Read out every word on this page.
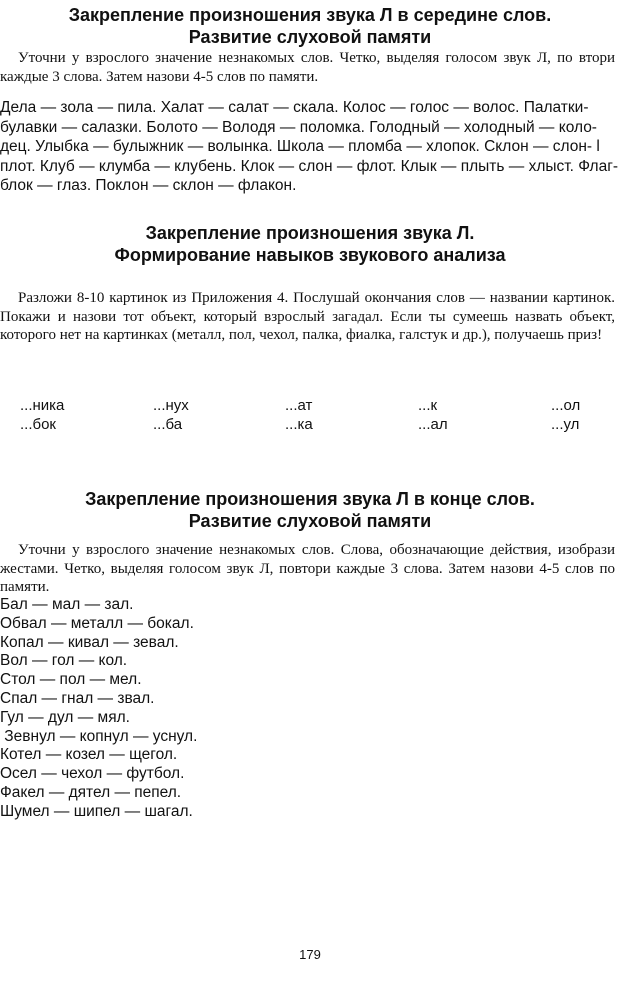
Закрепление произношения звука Л в середине слов.
Развитие слуховой памяти
Уточни у взрослого значение незнакомых слов. Четко, выделяя голосом звук Л, по втори каждые 3 слова. Затем назови 4-5 слов по памяти.
Дела — зола — пила. Халат — салат — скала. Колос — голос — волос. Палатки-
булавки — салазки. Болото — Володя — поломка. Голодный — холодный — коло-
дец. Улыбка — булыжник — волынка. Школа — пломба — хлопок. Склон — слон- l
плот. Клуб — клумба — клубень. Клок — слон — флот. Клык — плыть — хлыст. Флаг-
блок — глаз. Поклон — склон — флакон.
Закрепление произношения звука Л.
Формирование навыков звукового анализа
Разложи 8-10 картинок из Приложения 4. Послушай окончания слов — названии картинок. Покажи и назови тот объект, который взрослый загадал. Если ты сумеешь назвать объект, которого нет на картинках (металл, пол, чехол, палка, фиалка, галстук и др.), получаешь приз!
...ника	...нух	...ат	...к	...ол
...бок	...ба	...ка	...ал	...ул
Закрепление произношения звука Л в конце слов.
Развитие слуховой памяти
Уточни у взрослого значение незнакомых слов. Слова, обозначающие действия, изобрази жестами. Четко, выделяя голосом звук Л, повтори каждые 3 слова. Затем назови 4-5 слов по памяти.
Бал — мал — зал.
Обвал — металл — бокал.
Копал — кивал — зевал.
Вол — гол — кол.
Стол — пол — мел.
Спал — гнал — звал.
Гул — дул — мял.
Зевнул — копнул — уснул.
Котел — козел — щегол.
Осел — чехол — футбол.
Факел — дятел — пепел.
Шумел — шипел — шагал.
179
